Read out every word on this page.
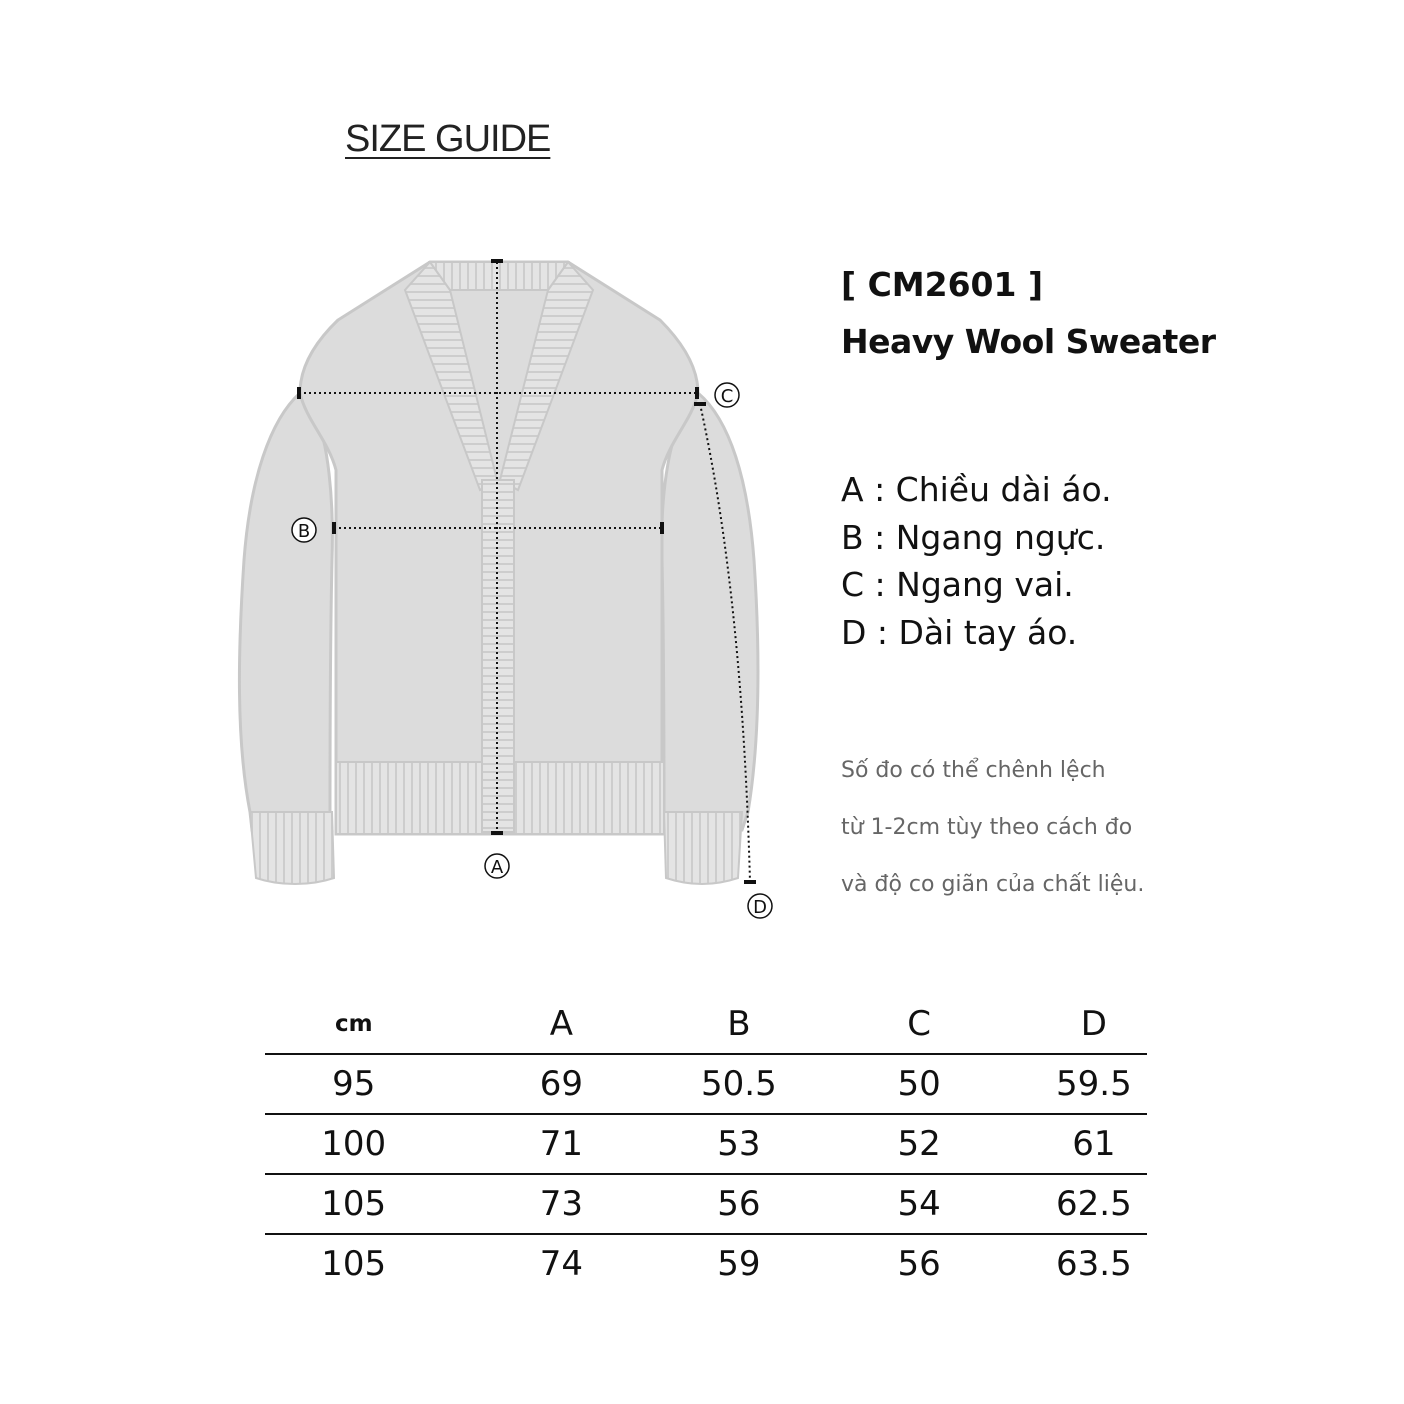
SIZE GUIDE
A
B
C
D
[ CM2601 ]
Heavy Wool Sweater
A : Chiều dài áo.
B : Ngang ngực.
C : Ngang vai.
D : Dài tay áo.
Số đo có thể chênh lệch
từ 1-2cm tùy theo cách đo
và độ co giãn của chất liệu.
cm	A	B	C	D
95	69	50.5	50	59.5
100	71	53	52	61
105	73	56	54	62.5
105	74	59	56	63.5
